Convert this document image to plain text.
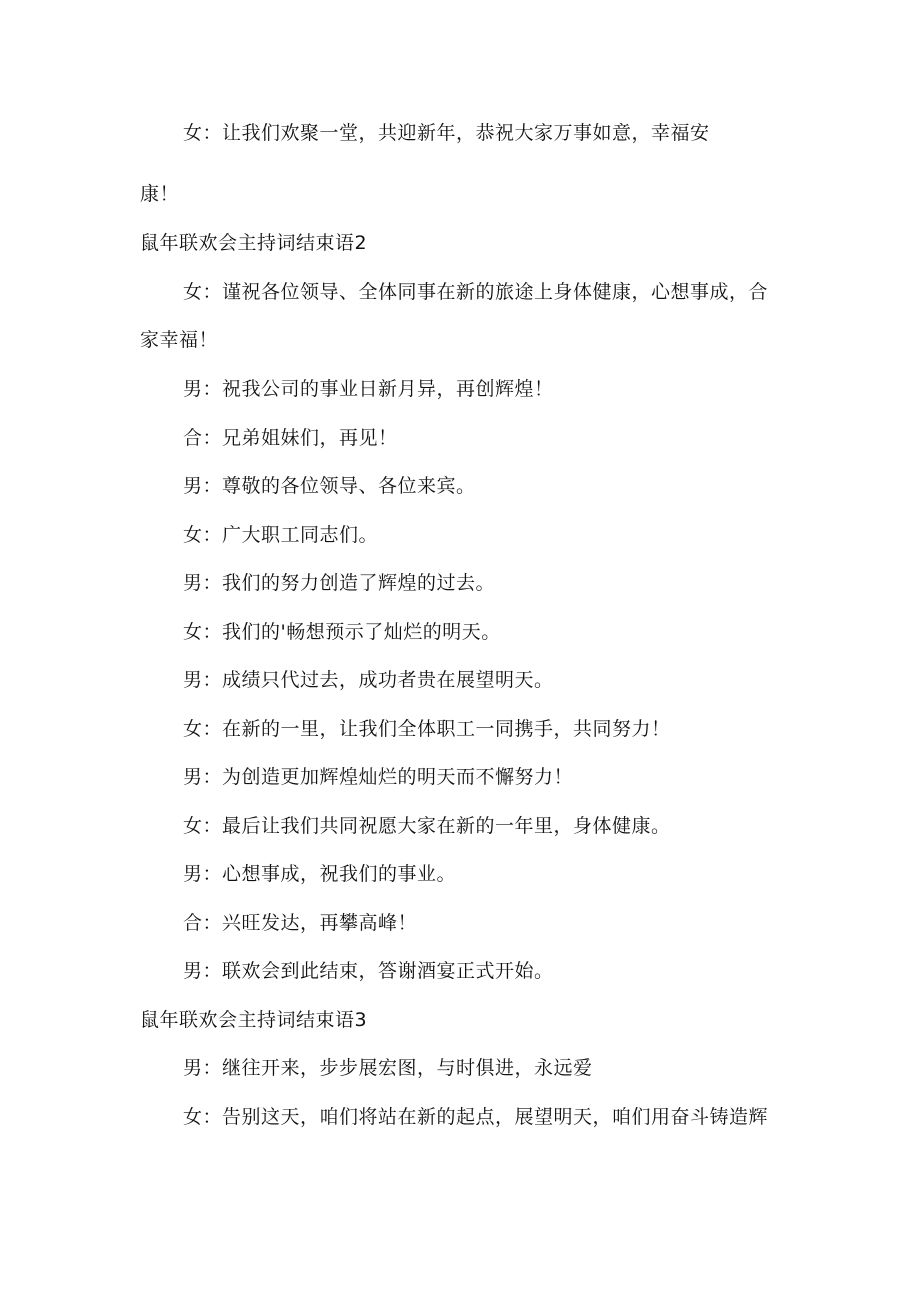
女：让我们欢聚一堂，共迎新年，恭祝大家万事如意，幸福安
康！
鼠年联欢会主持词结束语2
女：谨祝各位领导、全体同事在新的旅途上身体健康，心想事成，合
家幸福！
男：祝我公司的事业日新月异，再创辉煌！
合：兄弟姐妹们，再见！
男：尊敬的各位领导、各位来宾。
女：广大职工同志们。
男：我们的努力创造了辉煌的过去。
女：我们的'畅想预示了灿烂的明天。
男：成绩只代过去，成功者贵在展望明天。
女：在新的一里，让我们全体职工一同携手，共同努力！
男：为创造更加辉煌灿烂的明天而不懈努力！
女：最后让我们共同祝愿大家在新的一年里，身体健康。
男：心想事成，祝我们的事业。
合：兴旺发达，再攀高峰！
男：联欢会到此结束，答谢酒宴正式开始。
鼠年联欢会主持词结束语3
男：继往开来，步步展宏图，与时俱进，永远爱
女：告别这天，咱们将站在新的起点，展望明天，咱们用奋斗铸造辉
